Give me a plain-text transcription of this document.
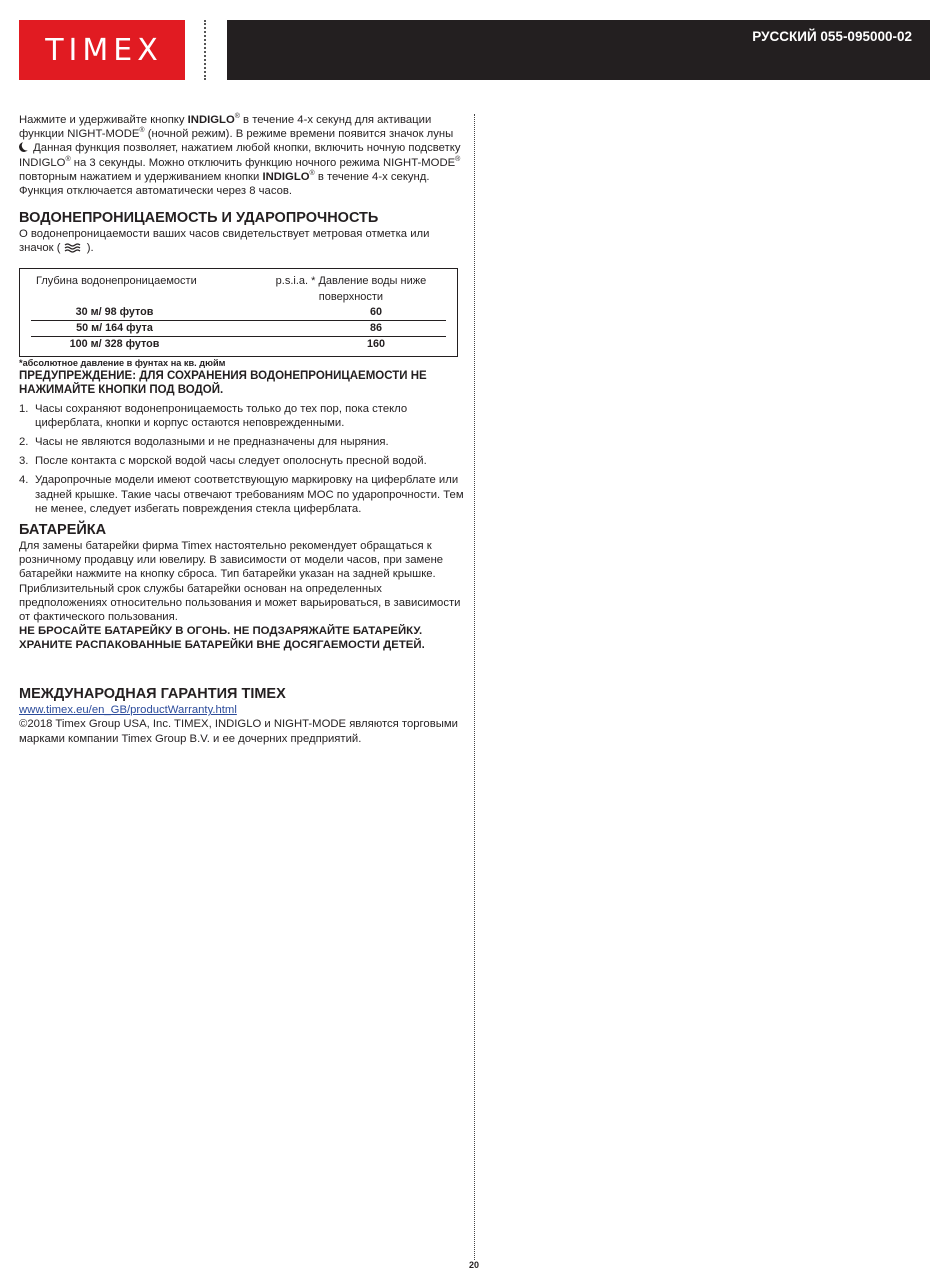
TIMEX	РУССКИЙ 055-095000-02

Нажмите и удерживайте кнопку INDIGLO® в течение 4-х секунд для активации функции NIGHT-MODE® (ночной режим). В режиме времени появится значок луны  Данная функция позволяет, нажатием любой кнопки, включить ночную подсветку INDIGLO® на 3 секунды. Можно отключить функцию ночного режима NIGHT-MODE® повторным нажатием и удерживанием кнопки INDIGLO® в течение 4-х секунд. Функция отключается автоматически через 8 часов.

ВОДОНЕПРОНИЦАЕМОСТЬ И УДАРОПРОЧНОСТЬ

О водонепроницаемости ваших часов свидетельствует метровая отметка или значок (  ).

Глубина водонепроницаемости	p.s.i.a. * Давление воды ниже поверхности
30 м/ 98 футов	60
50 м/ 164 фута	86
100 м/ 328 футов	160

*абсолютное давление в фунтах на кв. дюйм

ПРЕДУПРЕЖДЕНИЕ: ДЛЯ СОХРАНЕНИЯ ВОДОНЕПРОНИЦАЕМОСТИ НЕ НАЖИМАЙТЕ КНОПКИ ПОД ВОДОЙ.

1. Часы сохраняют водонепроницаемость только до тех пор, пока стекло циферблата, кнопки и корпус остаются неповрежденными.
2. Часы не являются водолазными и не предназначены для ныряния.
3. После контакта с морской водой часы следует ополоснуть пресной водой.
4. Ударопрочные модели имеют соответствующую маркировку на циферблате или задней крышке. Такие часы отвечают требованиям МОС по ударопрочности. Тем не менее, следует избегать повреждения стекла циферблата.
БАТАРЕЙКА

Для замены батарейки фирма Timex настоятельно рекомендует обращаться к розничному продавцу или ювелиру. В зависимости от модели часов, при замене батарейки нажмите на кнопку сброса. Тип батарейки указан на задней крышке. Приблизительный срок службы батарейки основан на определенных предположениях относительно пользования и может варьироваться, в зависимости от фактического пользования.

НЕ БРОСАЙТЕ БАТАРЕЙКУ В ОГОНЬ. НЕ ПОДЗАРЯЖАЙТЕ БАТАРЕЙКУ. ХРАНИТЕ РАСПАКОВАННЫЕ БАТАРЕЙКИ ВНЕ ДОСЯГАЕМОСТИ ДЕТЕЙ.

МЕЖДУНАРОДНАЯ ГАРАНТИЯ TIMEX

www.timex.eu/en_GB/productWarranty.html

©2018 Timex Group USA, Inc. TIMEX, INDIGLO и NIGHT-MODE являются торговыми марками компании Timex Group B.V. и ее дочерних предприятий.

20
